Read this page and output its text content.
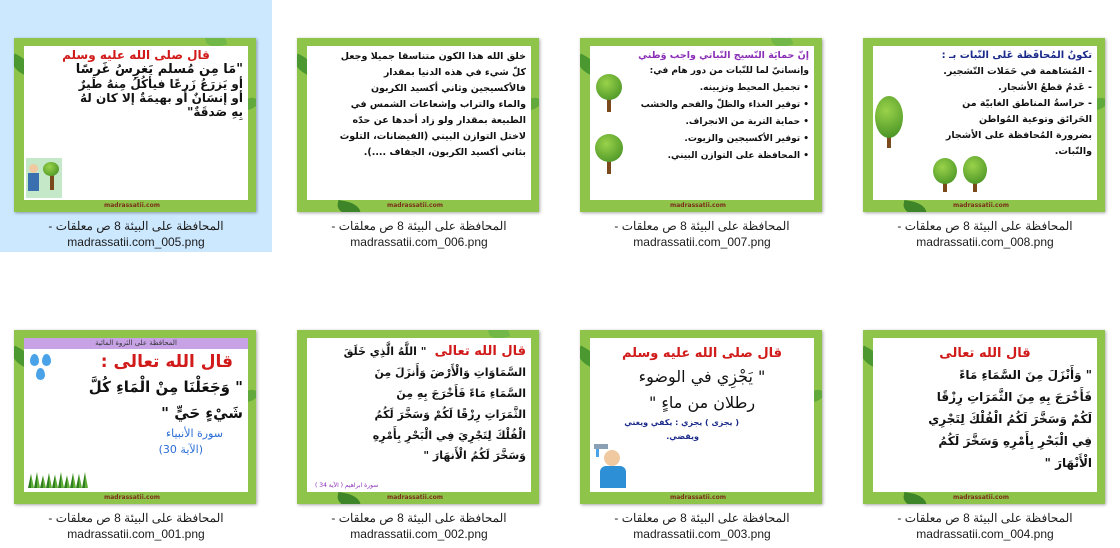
قال صلى الله عليه وسلم
"مَا مِن مُسلم يَغرِسُ غَرسًا
أو يَزرَعُ زَرعًا فيأكُلُ مِنهُ طَيرٌ
أو إنسَانٌ أو بهيمَةٌ إلا كان لهُ
بِهِ صَدقَةٌ"
madrassatii.com
- المحافظة على البيئة 8 ص معلقات
madrassatii.com_005.png
خلق الله هذا الكون متناسقا جميلا وجعل
كلّ شيء في هذه الدنيا بمقدار
فالأكسيجين وثاني أكسيد الكربون
والماء والتراب وإشعاعات الشمس في
الطبيعة بمقدار ولو زاد أحدها عن حدّه
لاختل التوازن البيني (الفيضانات، التلوث
بثاني أكسيد الكربون، الجفاف ....).
madrassatii.com
- المحافظة على البيئة 8 ص معلقات
madrassatii.com_006.png
إنّ حمايَة النّسيج النّباتي واجب وَطني
وإنسانيّ لما للنّبات من دور هام في:
• تجميل المحيط وتزيينه.
• توفير الغذاء والظلّ والفحم والخشب
• حماية التربة من الانجراف.
• توفير الأكسيجين والزيوت.
• المحافظة على التوازن البيني.
madrassatii.com
- المحافظة على البيئة 8 ص معلقات
madrassatii.com_007.png
تكونُ المُحافَظة عَلى النّبات بـ :
- المُسَاهمة في حَمَلات التّشجير.
- عَدمُ قطعُ الأشجار.
- حراسةُ المناطق الغابيّة من
الحَرائق وتوعية المُواطن
بضرورة المُحافظة على الأشجار
والنّبات.
madrassatii.com
- المحافظة على البيئة 8 ص معلقات
madrassatii.com_008.png
المحافظة على الثروة المائية
قال الله تعالى :
" وَجَعَلْنَا مِنْ الْمَاءِ كُلَّ
شَيْءٍ حَيٍّ "
سورة الأنبياء
(الآية 30)
madrassatii.com
- المحافظة على البيئة 8 ص معلقات
madrassatii.com_001.png
قال الله تعالى " اللَّهُ الَّذِي خَلَقَ
السَّمَاوَاتِ وَالْأَرْضَ وَأَنزَلَ مِنَ
السَّمَاءِ مَاءً فَأَخْرَجَ بِهِ مِنَ
الثَّمَرَاتِ رِزْقًا لَكُمْ وَسَخَّرَ لَكُمُ
الْفُلْكَ لِتَجْرِيَ فِي الْبَحْرِ بِأَمْرِهِ
وَسَخَّرَ لَكُمُ الْأَنهَارَ "
سورة ابراهيم ( الآية 34 )
madrassatii.com
- المحافظة على البيئة 8 ص معلقات
madrassatii.com_002.png
قال صلى الله عليه وسلم
" يَجْزِي في الوضوء
رطلان من ماءٍ "
( يجزى ) يجزي : يكفي ويغني
ويقضي.
madrassatii.com
- المحافظة على البيئة 8 ص معلقات
madrassatii.com_003.png
قال الله تعالى
" وَأَنْزَلَ مِنَ السَّمَاءِ مَاءً
فَأَخْرَجَ بِهِ مِنَ الثَّمَرَاتِ رِزْقًا
لَكُمْ وَسَخَّرَ لَكُمُ الْفُلْكَ لِتَجْرِي
فِي الْبَحْرِ بِأَمْرِهِ وَسَخَّرَ لَكُمُ
الْأَنْهَارَ "
madrassatii.com
- المحافظة على البيئة 8 ص معلقات
madrassatii.com_004.png
